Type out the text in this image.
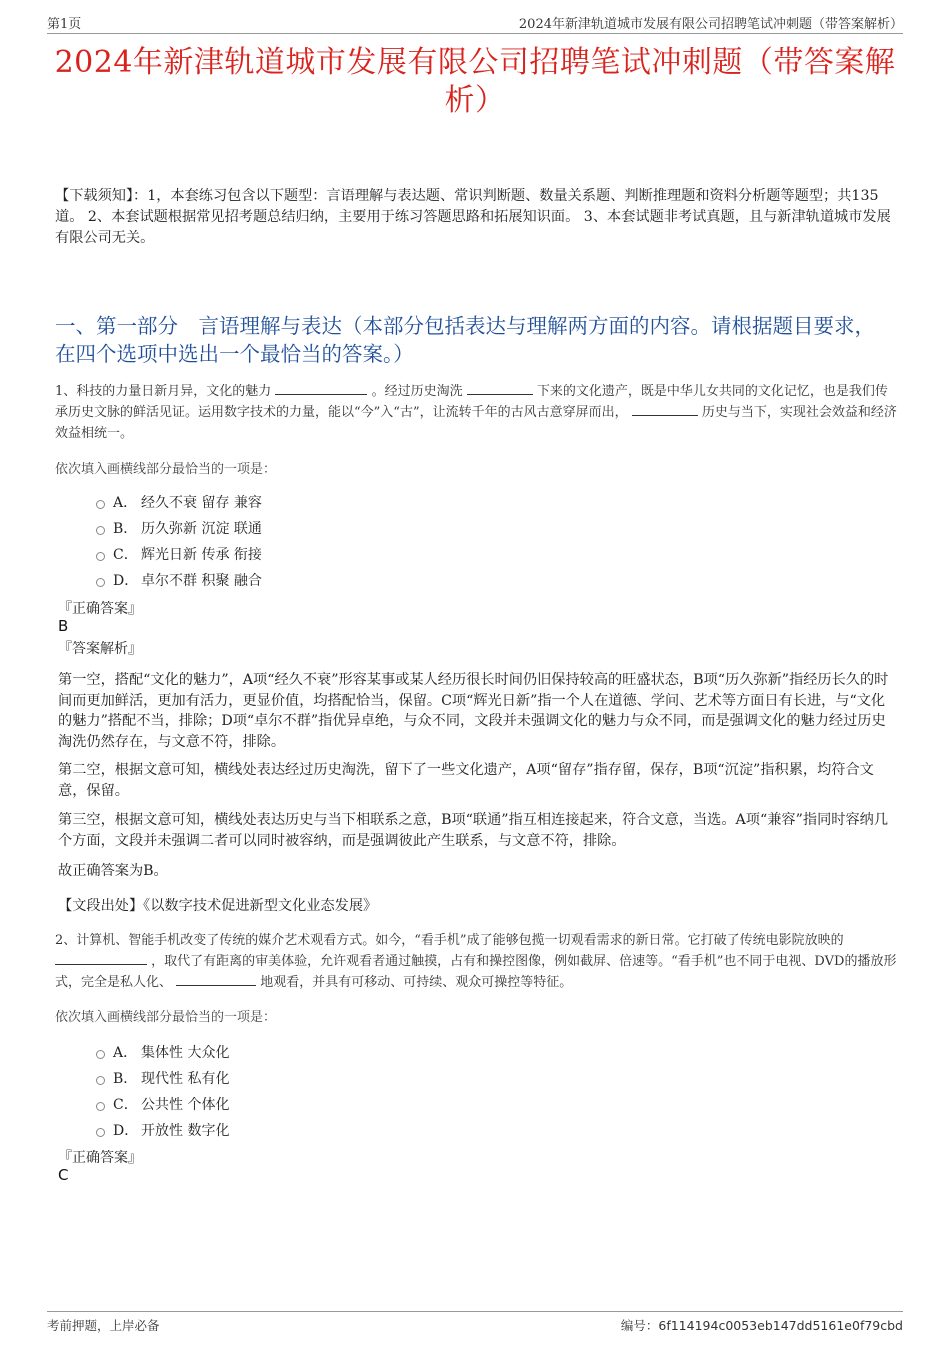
第1页	2024年新津轨道城市发展有限公司招聘笔试冲刺题（带答案解析）
2024年新津轨道城市发展有限公司招聘笔试冲刺题（带答案解析）
【下载须知】：1，本套练习包含以下题型：言语理解与表达题、常识判断题、数量关系题、判断推理题和资料分析题等题型；共135道。 2、本套试题根据常见招考题总结归纳，主要用于练习答题思路和拓展知识面。 3、本套试题非考试真题，且与新津轨道城市发展有限公司无关。
一、第一部分　言语理解与表达（本部分包括表达与理解两方面的内容。请根据题目要求，在四个选项中选出一个最恰当的答案。）
1、科技的力量日新月异，文化的魅力	。经过历史淘洗	下来的文化遗产，既是中华儿女共同的文化记忆，也是我们传承历史文脉的鲜活见证。运用数字技术的力量，能以“今”入“古”，让流转千年的古风古意穿屏而出，	历史与当下，实现社会效益和经济效益相统一。
依次填入画横线部分最恰当的一项是：
A． 经久不衰 留存 兼容
B． 历久弥新 沉淀 联通
C． 辉光日新 传承 衔接
D． 卓尔不群 积聚 融合
『正确答案』
B
『答案解析』
第一空，搭配“文化的魅力”，A项“经久不衰”形容某事或某人经历很长时间仍旧保持较高的旺盛状态，B项“历久弥新”指经历长久的时间而更加鲜活，更加有活力，更显价值，均搭配恰当，保留。C项“辉光日新”指一个人在道德、学问、艺术等方面日有长进，与“文化的魅力”搭配不当，排除；D项“卓尔不群”指优异卓绝，与众不同，文段并未强调文化的魅力与众不同，而是强调文化的魅力经过历史淘洗仍然存在，与文意不符，排除。
第二空，根据文意可知，横线处表达经过历史淘洗，留下了一些文化遗产，A项“留存”指存留，保存，B项“沉淀”指积累，均符合文意，保留。
第三空，根据文意可知，横线处表达历史与当下相联系之意，B项“联通”指互相连接起来，符合文意，当选。A项“兼容”指同时容纳几个方面，文段并未强调二者可以同时被容纳，而是强调彼此产生联系，与文意不符，排除。
故正确答案为B。
【文段出处】《以数字技术促进新型文化业态发展》
2、计算机、智能手机改变了传统的媒介艺术观看方式。如今，“看手机”成了能够包揽一切观看需求的新日常。它打破了传统电影院放映的  ，取代了有距离的审美体验，允许观看者通过触摸，占有和操控图像，例如截屏、倍速等。“看手机”也不同于电视、DVD的播放形式，完全是私人化、	地观看，并具有可移动、可持续、观众可操控等特征。
依次填入画横线部分最恰当的一项是：
A． 集体性 大众化
B． 现代性 私有化
C． 公共性 个体化
D． 开放性 数字化
『正确答案』
C
考前押题，上岸必备	编号：6f114194c0053eb147dd5161e0f79cbd
